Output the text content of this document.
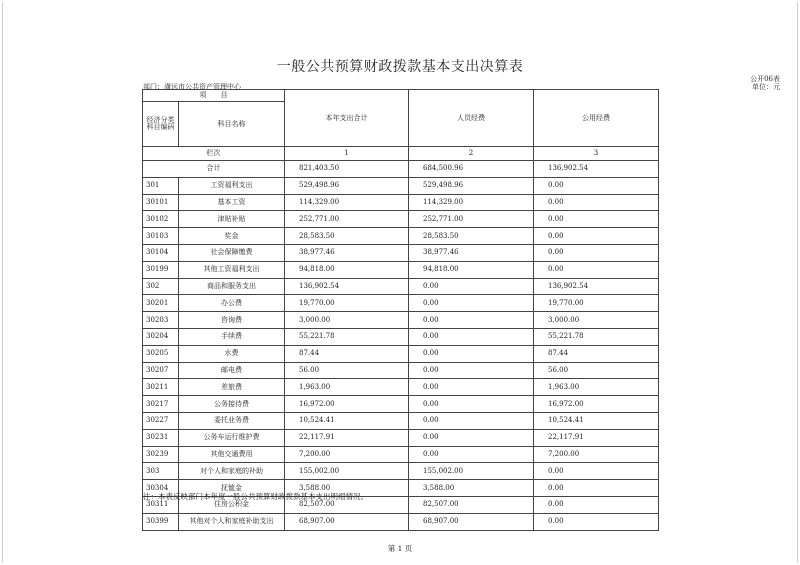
一般公共预算财政拨款基本支出决算表
公开06表
单位：元
部门：潢远市公共资产管理中心
项　　目		本年支出合计	人员经费	公用经费
经济分类科目编码	科目名称			
栏次		1	2	3
合计		821,403.50	684,500.96	136,902.54
301	工资福利支出	529,498.96	529,498.96	0.00
30101	基本工资	114,329.00	114,329.00	0.00
30102	津贴补贴	252,771.00	252,771.00	0.00
30103	奖金	28,583.50	28,583.50	0.00
30104	社会保障缴费	38,977.46	38,977.46	0.00
30199	其他工资福利支出	94,818.00	94,818.00	0.00
302	商品和服务支出	136,902.54	0.00	136,902.54
30201	办公费	19,770.00	0.00	19,770.00
30203	咨询费	3,000.00	0.00	3,000.00
30204	手续费	55,221.78	0.00	55,221.78
30205	水费	87.44	0.00	87.44
30207	邮电费	56.00	0.00	56.00
30211	差旅费	1,963.00	0.00	1,963.00
30217	公务接待费	16,972.00	0.00	16,972.00
30227	委托业务费	10,524.41	0.00	10,524.41
30231	公务车运行维护费	22,117.91	0.00	22,117.91
30239	其他交通费用	7,200.00	0.00	7,200.00
303	对个人和家庭的补助	155,002.00	155,002.00	0.00
30304	抚恤金	3,588.00	3,588.00	0.00
30311	住房公积金	82,507.00	82,507.00	0.00
30399	其他对个人和家庭补助支出	68,907.00	68,907.00	0.00
注：本表反映部门本年度一般公共预算财政拨款基本支出明细情况。
第 1 页
